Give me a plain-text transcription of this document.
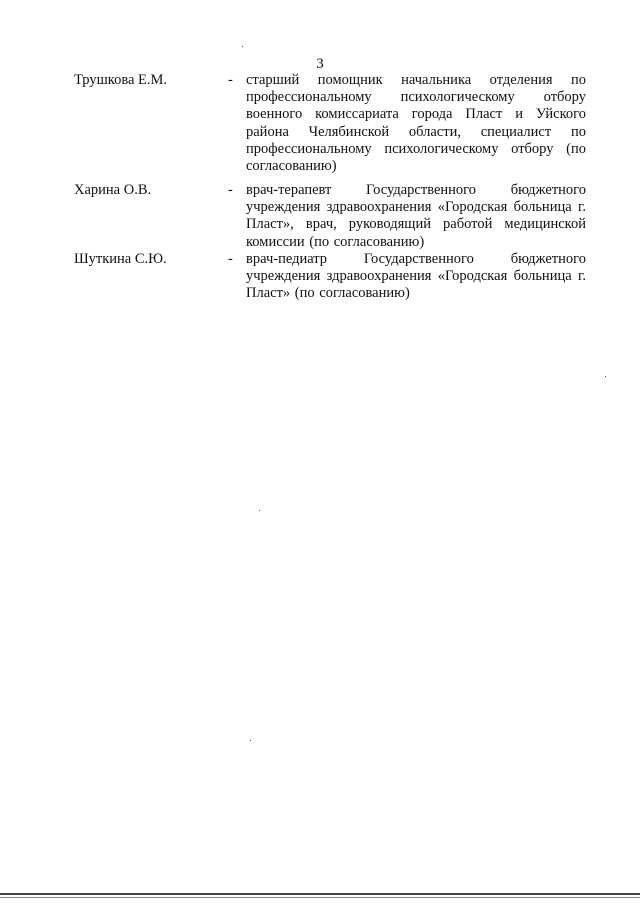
3
Трушкова Е.М.	- старший помощник начальника отделения по профессиональному психологическому отбору военного комиссариата города Пласт и Уйского района Челябинской области, специалист по профессиональному психологическому отбору (по согласованию)
Харина О.В.	- врач-терапевт Государственного бюджетного учреждения здравоохранения «Городская больница г. Пласт», врач, руководящий работой медицинской комиссии (по согласованию)
Шуткина С.Ю.	- врач-педиатр Государственного бюджетного учреждения здравоохранения «Городская больница г. Пласт» (по согласованию)
